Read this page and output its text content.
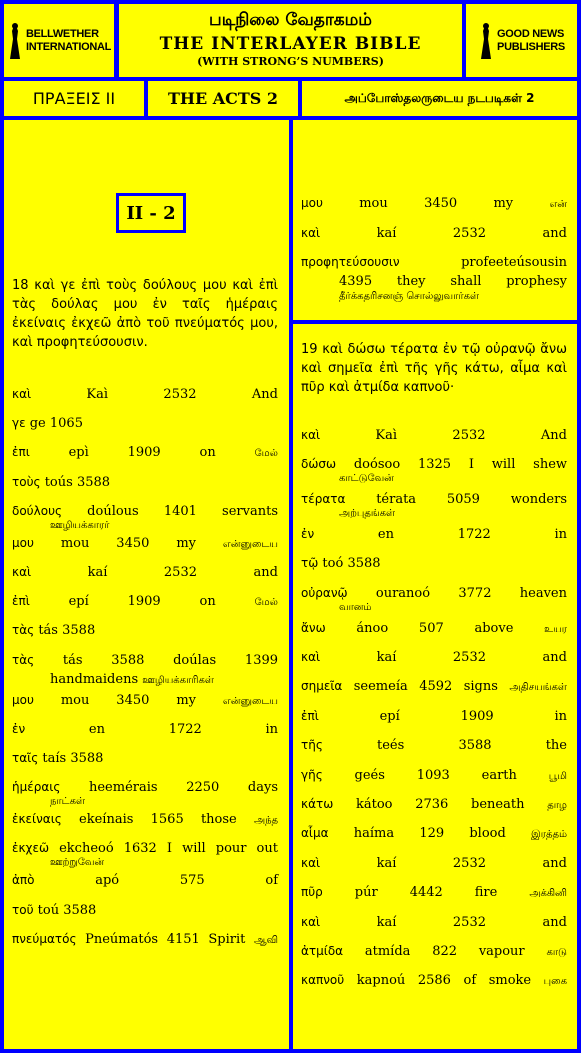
BELLWETHER
INTERNATIONAL
படிநிலை வேதாகமம்
THE INTERLAYER BIBLE
(WITH STRONG’S NUMBERS)
GOOD NEWS
PUBLISHERS
ΠΡΑΞΕΙΣ ΙΙ	THE ACTS 2	அப்போஸ்தலருடைய நடபடிகள் 2
II - 2
18 καὶ γε ἐπὶ τοὺς δούλους μου καὶ ἐπὶ τὰς δούλας μου ἐν ταῖς ἡμέραις ἐκείναις ἐκχεῶ ἀπὸ τοῦ πνεύματός μου, καὶ προφητεύσουσιν.	19 καὶ δώσω τέρατα ἐν τῷ οὐρανῷ ἄνω καὶ σημεῖα ἐπὶ τῆς γῆς κάτω, αἷμα καὶ πῦρ καὶ ἀτμίδα καπνοῦ·
καὶ	Kaì	2532	And
γε ge 1065
ἐπι	epì	1909	on	மேல்
τοὺς toús 3588
δούλους doúlous 1401 servants
ஊழியக்காரர்
μου mou 3450 my	என்னுடைய
καὶ	kaí	2532	and
ἐπὶ	epí	1909	on	மேல்
τὰς tás 3588
τὰς tás 3588 doúlas 1399
handmaidens ஊழியக்காரிகள்
μου mou 3450 my	என்னுடைய
ἐν	en	1722	in
ταῖς taís 3588
ἡμέραις heemérais 2250 days
நாட்கள்
ἐκείναις ekeínais 1565 those அந்த
ἐκχεῶ ekcheoó 1632 I will pour out
ஊற்றுவேன்
ἀπὸ	apó	575	of
τοῦ toú 3588
πνεύματός Pneúmatós 4151 Spirit ஆவி
μου	mou	3450	my	என்
καὶ	kaí	2532	and
προφητεύσουσιν	profeeteúsousin
4395 they shall prophesy
தீர்க்கதரிசனஞ் சொல்லுவார்கள்
καὶ	Kaì	2532	And
δώσω doósoo 1325 I will shew
காட்டுவேன்
τέρατα térata 5059 wonders
அற்புதங்கள்
ἐν	en	1722	in
τῷ toó 3588
οὐρανῷ ouranoó 3772 heaven
வானம்
ἄνω ánoo 507 above	உயர
καὶ	kaí	2532	and
σημεῖα seemeía 4592 signs அதிசயங்கள்
ἐπὶ	epí	1909	in
τῆς	teés	3588	the
γῆς geés 1093 earth	பூமி
κάτω kátoo 2736 beneath தாழ
αἷμα haíma 129 blood	இரத்தம்
καὶ	kaí	2532	and
πῦρ púr 4442 fire	அக்கினி
καὶ	kaí	2532	and
ἀτμίδα atmída 822 vapour காடு
καπνοῦ kapnoú 2586 of smoke புகை
